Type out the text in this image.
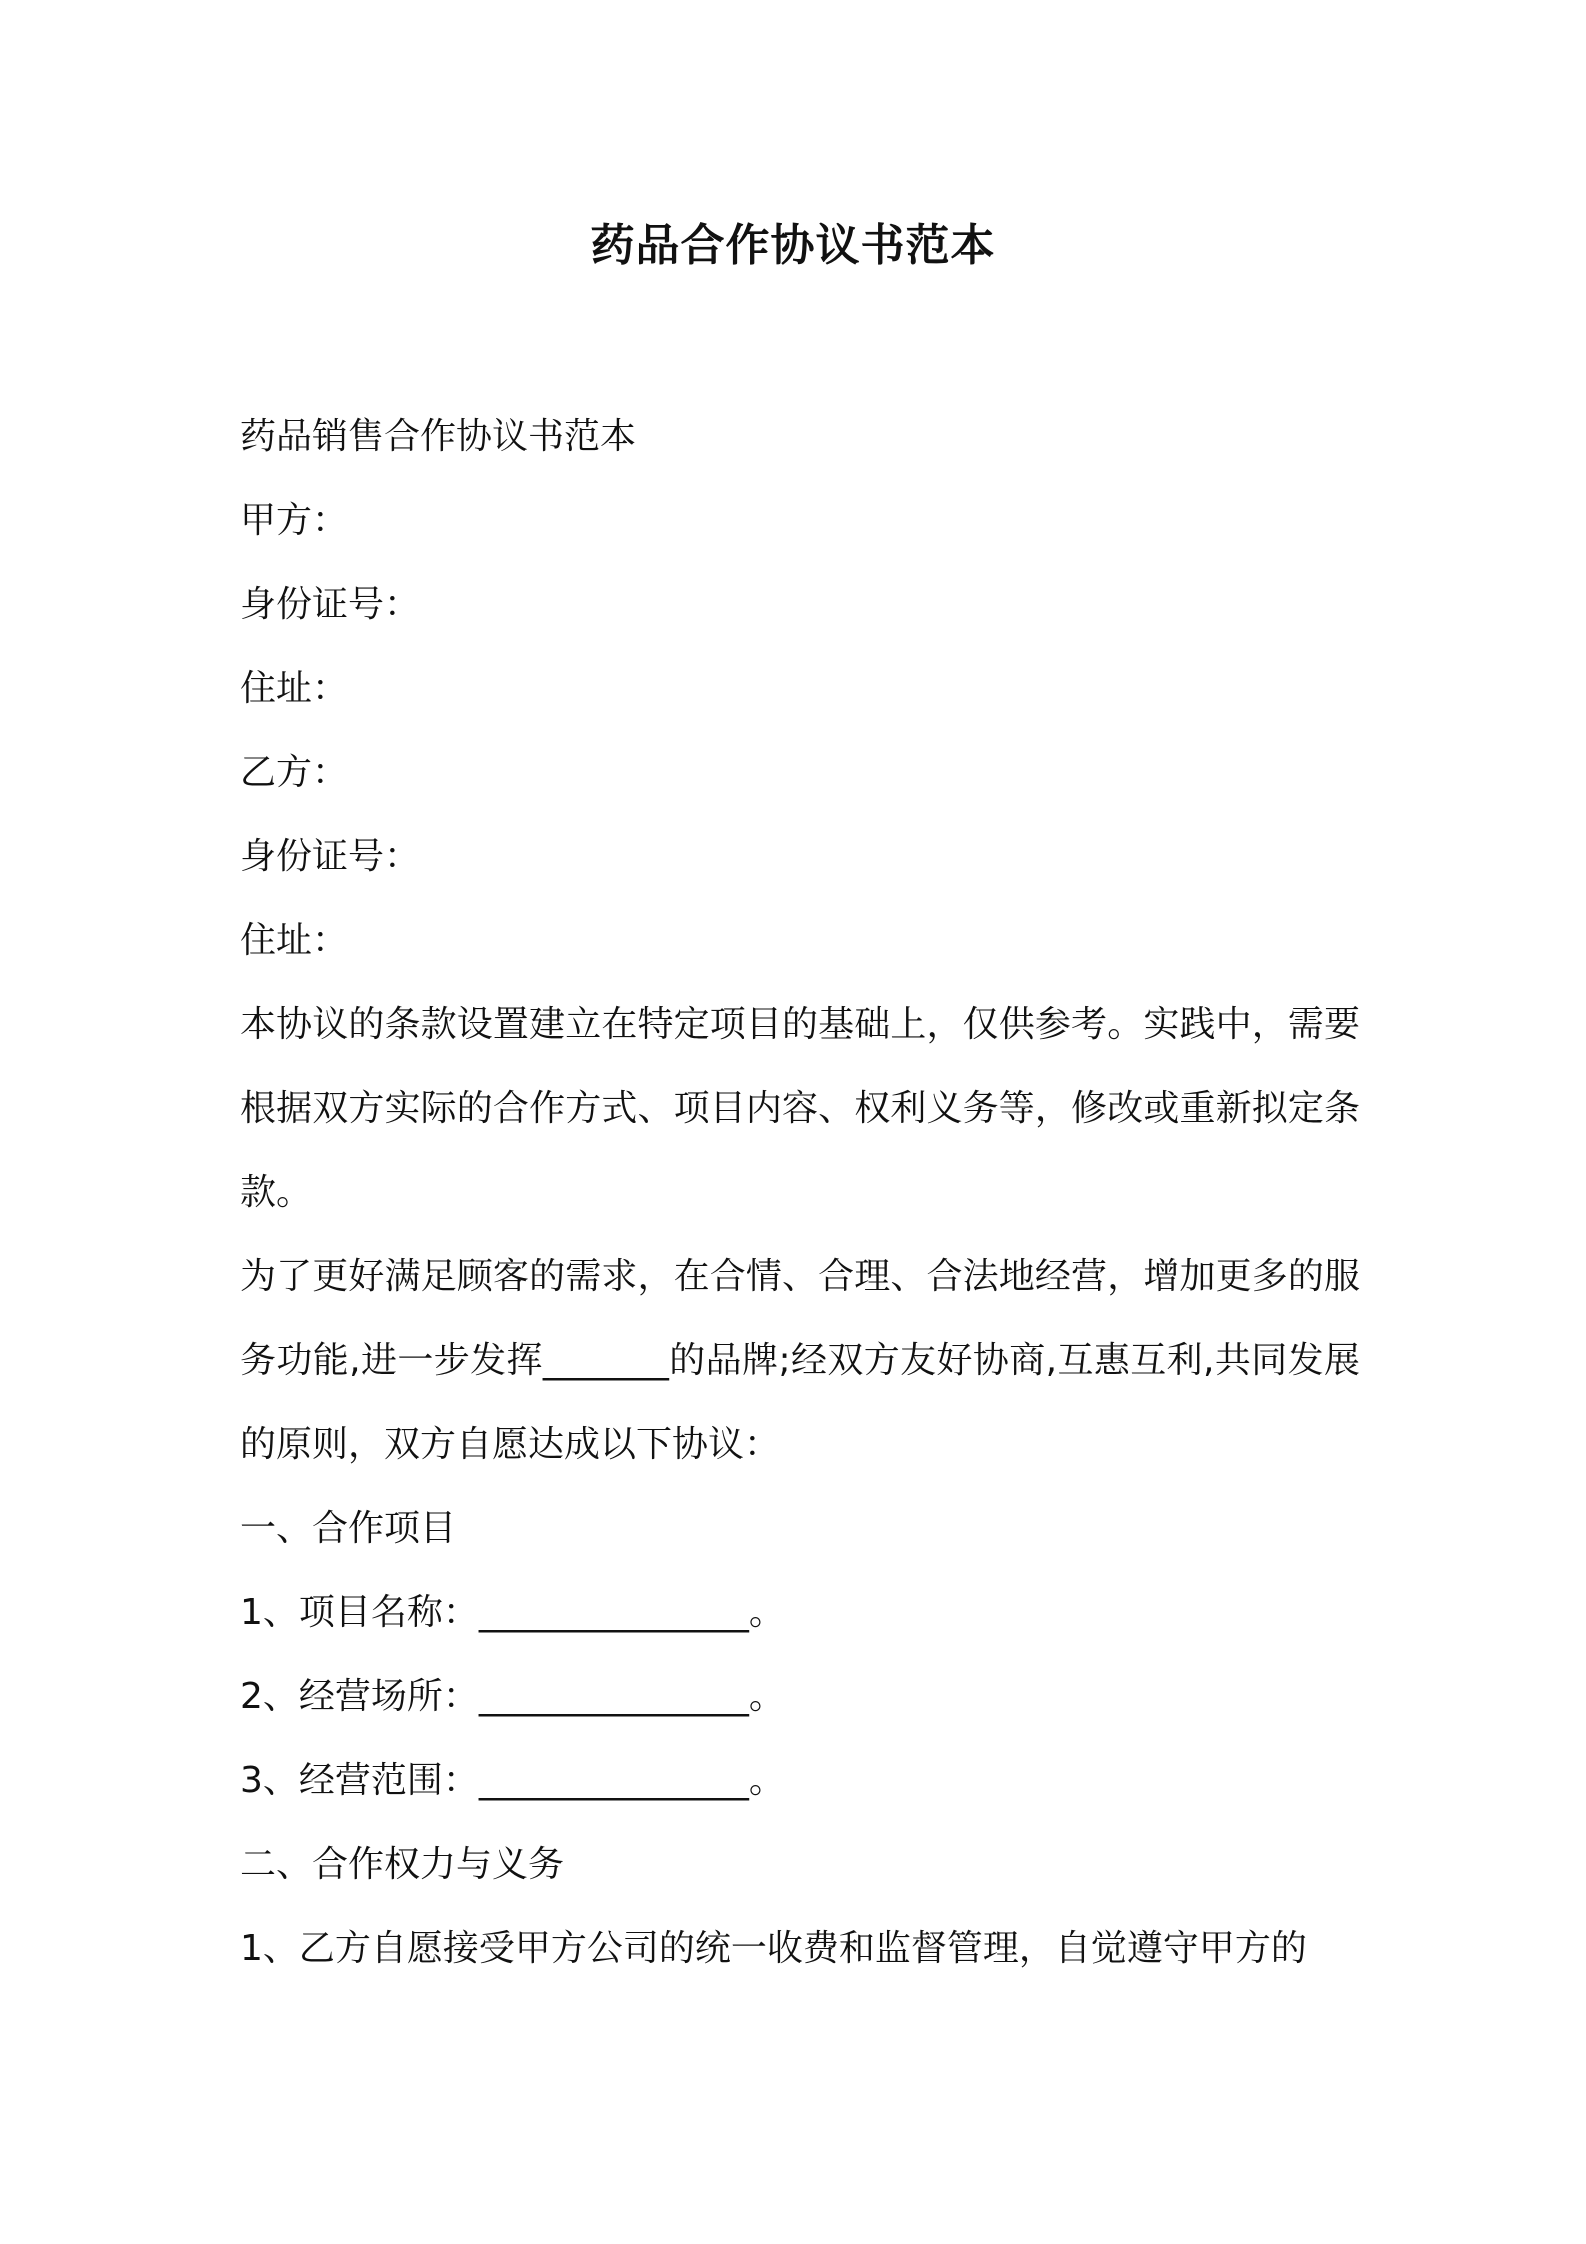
药品合作协议书范本

药品销售合作协议书范本

甲方：

身份证号：

住址：

乙方：

身份证号：

住址：

本协议的条款设置建立在特定项目的基础上，仅供参考。实践中，需要根据双方实际的合作方式、项目内容、权利义务等，修改或重新拟定条款。

为了更好满足顾客的需求，在合情、合理、合法地经营，增加更多的服务功能,进一步发挥_______的品牌;经双方友好协商,互惠互利,共同发展的原则，双方自愿达成以下协议：

一、合作项目

1、项目名称：_______________。

2、经营场所：_______________。

3、经营范围：_______________。

二、合作权力与义务

1、乙方自愿接受甲方公司的统一收费和监督管理，自觉遵守甲方的
